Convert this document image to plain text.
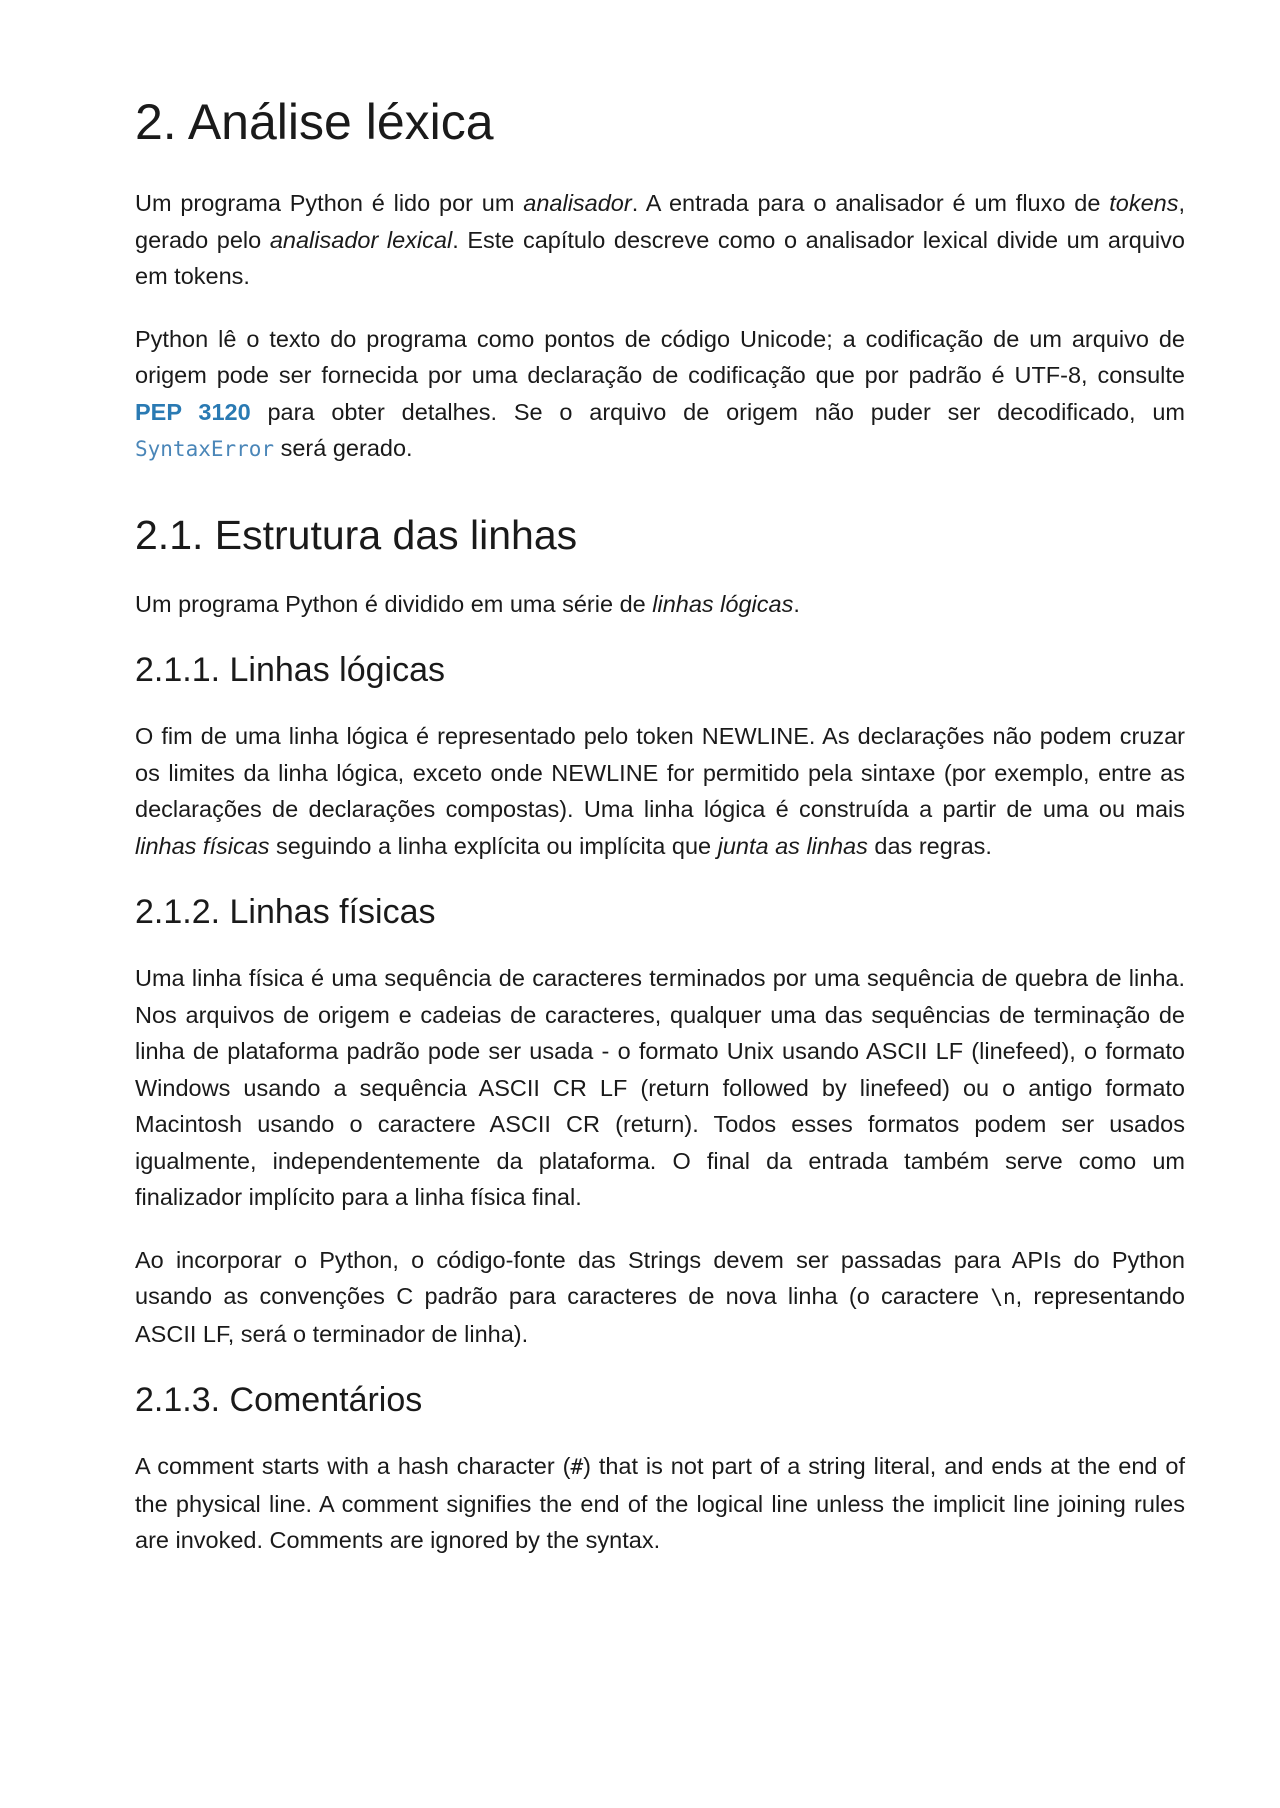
2. Análise léxica

Um programa Python é lido por um analisador. A entrada para o analisador é um fluxo de tokens, gerado pelo analisador lexical. Este capítulo descreve como o analisador lexical divide um arquivo em tokens.

Python lê o texto do programa como pontos de código Unicode; a codificação de um arquivo de origem pode ser fornecida por uma declaração de codificação que por padrão é UTF-8, consulte PEP 3120 para obter detalhes. Se o arquivo de origem não puder ser decodificado, um SyntaxError será gerado.

2.1. Estrutura das linhas

Um programa Python é dividido em uma série de linhas lógicas.

2.1.1. Linhas lógicas

O fim de uma linha lógica é representado pelo token NEWLINE. As declarações não podem cruzar os limites da linha lógica, exceto onde NEWLINE for permitido pela sintaxe (por exemplo, entre as declarações de declarações compostas). Uma linha lógica é construída a partir de uma ou mais linhas físicas seguindo a linha explícita ou implícita que junta as linhas das regras.

2.1.2. Linhas físicas

Uma linha física é uma sequência de caracteres terminados por uma sequência de quebra de linha. Nos arquivos de origem e cadeias de caracteres, qualquer uma das sequências de terminação de linha de plataforma padrão pode ser usada - o formato Unix usando ASCII LF (linefeed), o formato Windows usando a sequência ASCII CR LF (return followed by linefeed) ou o antigo formato Macintosh usando o caractere ASCII CR (return). Todos esses formatos podem ser usados igualmente, independentemente da plataforma. O final da entrada também serve como um finalizador implícito para a linha física final.

Ao incorporar o Python, o código-fonte das Strings devem ser passadas para APIs do Python usando as convenções C padrão para caracteres de nova linha (o caractere \n, representando ASCII LF, será o terminador de linha).

2.1.3. Comentários

A comment starts with a hash character (#) that is not part of a string literal, and ends at the end of the physical line. A comment signifies the end of the logical line unless the implicit line joining rules are invoked. Comments are ignored by the syntax.
